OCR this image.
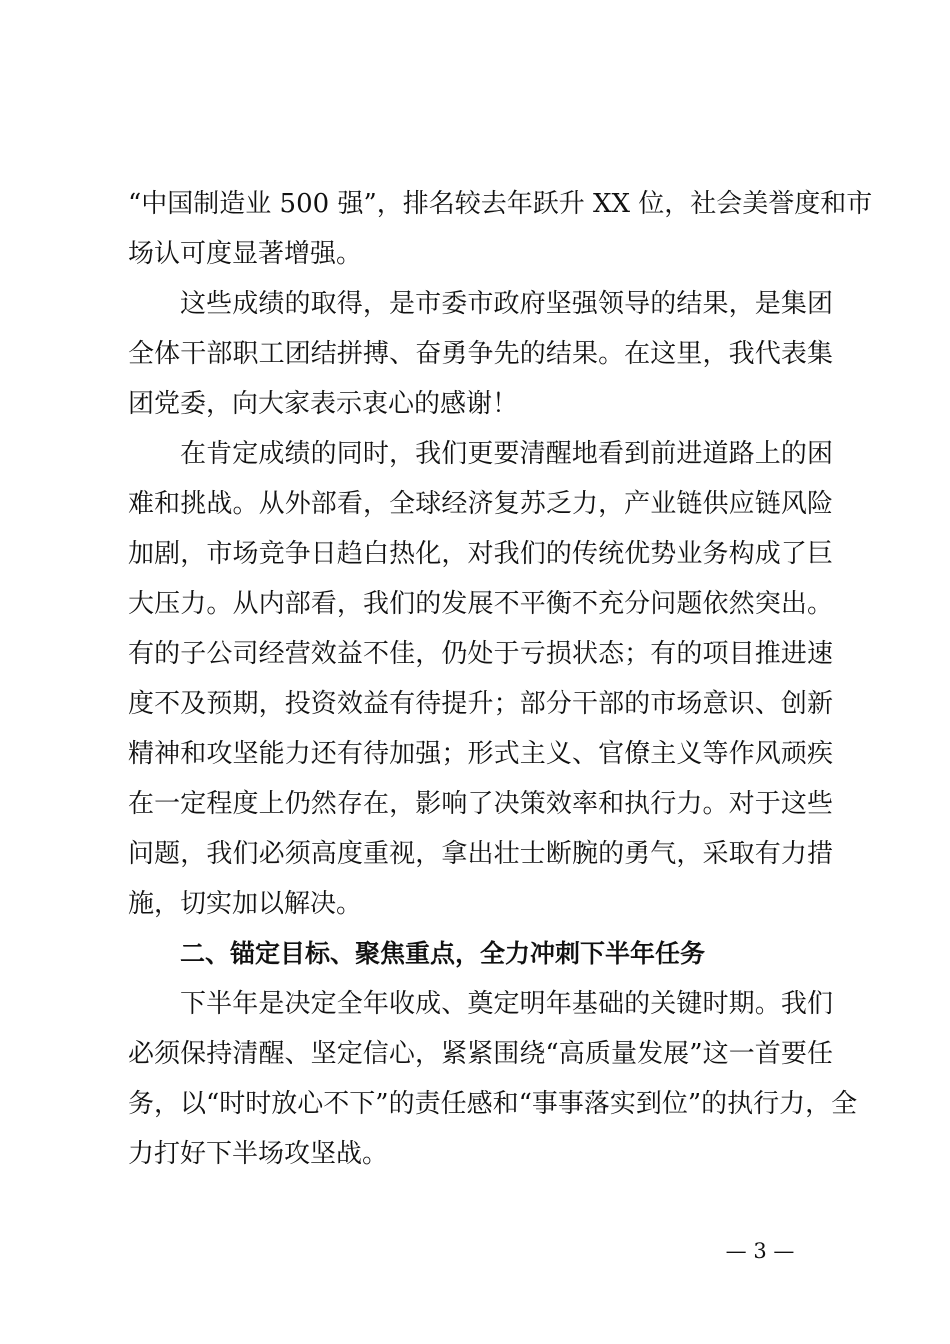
“中国制造业 500 强”，排名较去年跃升 XX 位，社会美誉度和市
场认可度显著增强。
这些成绩的取得，是市委市政府坚强领导的结果，是集团
全体干部职工团结拼搏、奋勇争先的结果。在这里，我代表集
团党委，向大家表示衷心的感谢！
在肯定成绩的同时，我们更要清醒地看到前进道路上的困
难和挑战。从外部看，全球经济复苏乏力，产业链供应链风险
加剧，市场竞争日趋白热化，对我们的传统优势业务构成了巨
大压力。从内部看，我们的发展不平衡不充分问题依然突出。
有的子公司经营效益不佳，仍处于亏损状态；有的项目推进速
度不及预期，投资效益有待提升；部分干部的市场意识、创新
精神和攻坚能力还有待加强；形式主义、官僚主义等作风顽疾
在一定程度上仍然存在，影响了决策效率和执行力。对于这些
问题，我们必须高度重视，拿出壮士断腕的勇气，采取有力措
施，切实加以解决。
二、锚定目标、聚焦重点，全力冲刺下半年任务
下半年是决定全年收成、奠定明年基础的关键时期。我们
必须保持清醒、坚定信心，紧紧围绕“高质量发展”这一首要任
务，以“时时放心不下”的责任感和“事事落实到位”的执行力，全
力打好下半场攻坚战。
— 3 —
